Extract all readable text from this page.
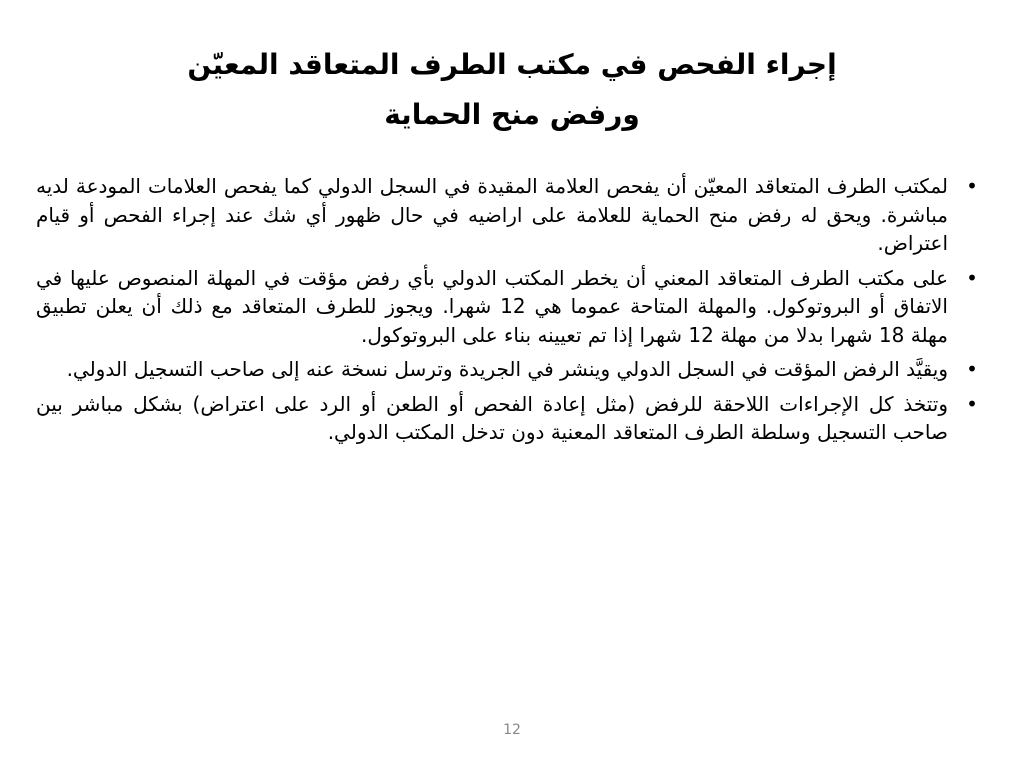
إجراء الفحص في مكتب الطرف المتعاقد المعيّن
ورفض منح الحماية
•
لمكتب الطرف المتعاقد المعيّن أن يفحص العلامة المقيدة في السجل الدولي كما يفحص العلامات المودعة لديه مباشرة. ويحق له رفض منح الحماية للعلامة على اراضيه في حال ظهور أي شك عند إجراء الفحص أو قيام اعتراض.
•
على مكتب الطرف المتعاقد المعني أن يخطر المكتب الدولي بأي رفض مؤقت في المهلة المنصوص عليها في الاتفاق أو البروتوكول. والمهلة المتاحة عموما هي 12 شهرا. ويجوز للطرف المتعاقد مع ذلك أن يعلن تطبيق مهلة 18 شهرا بدلا من مهلة 12 شهرا إذا تم تعيينه بناء على البروتوكول.
•
ويقيَّد الرفض المؤقت في السجل الدولي وينشر في الجريدة وترسل نسخة عنه إلى صاحب التسجيل الدولي.
•
وتتخذ كل الإجراءات اللاحقة للرفض (مثل إعادة الفحص أو الطعن أو الرد على اعتراض) بشكل مباشر بين صاحب التسجيل وسلطة الطرف المتعاقد المعنية دون تدخل المكتب الدولي.
12
